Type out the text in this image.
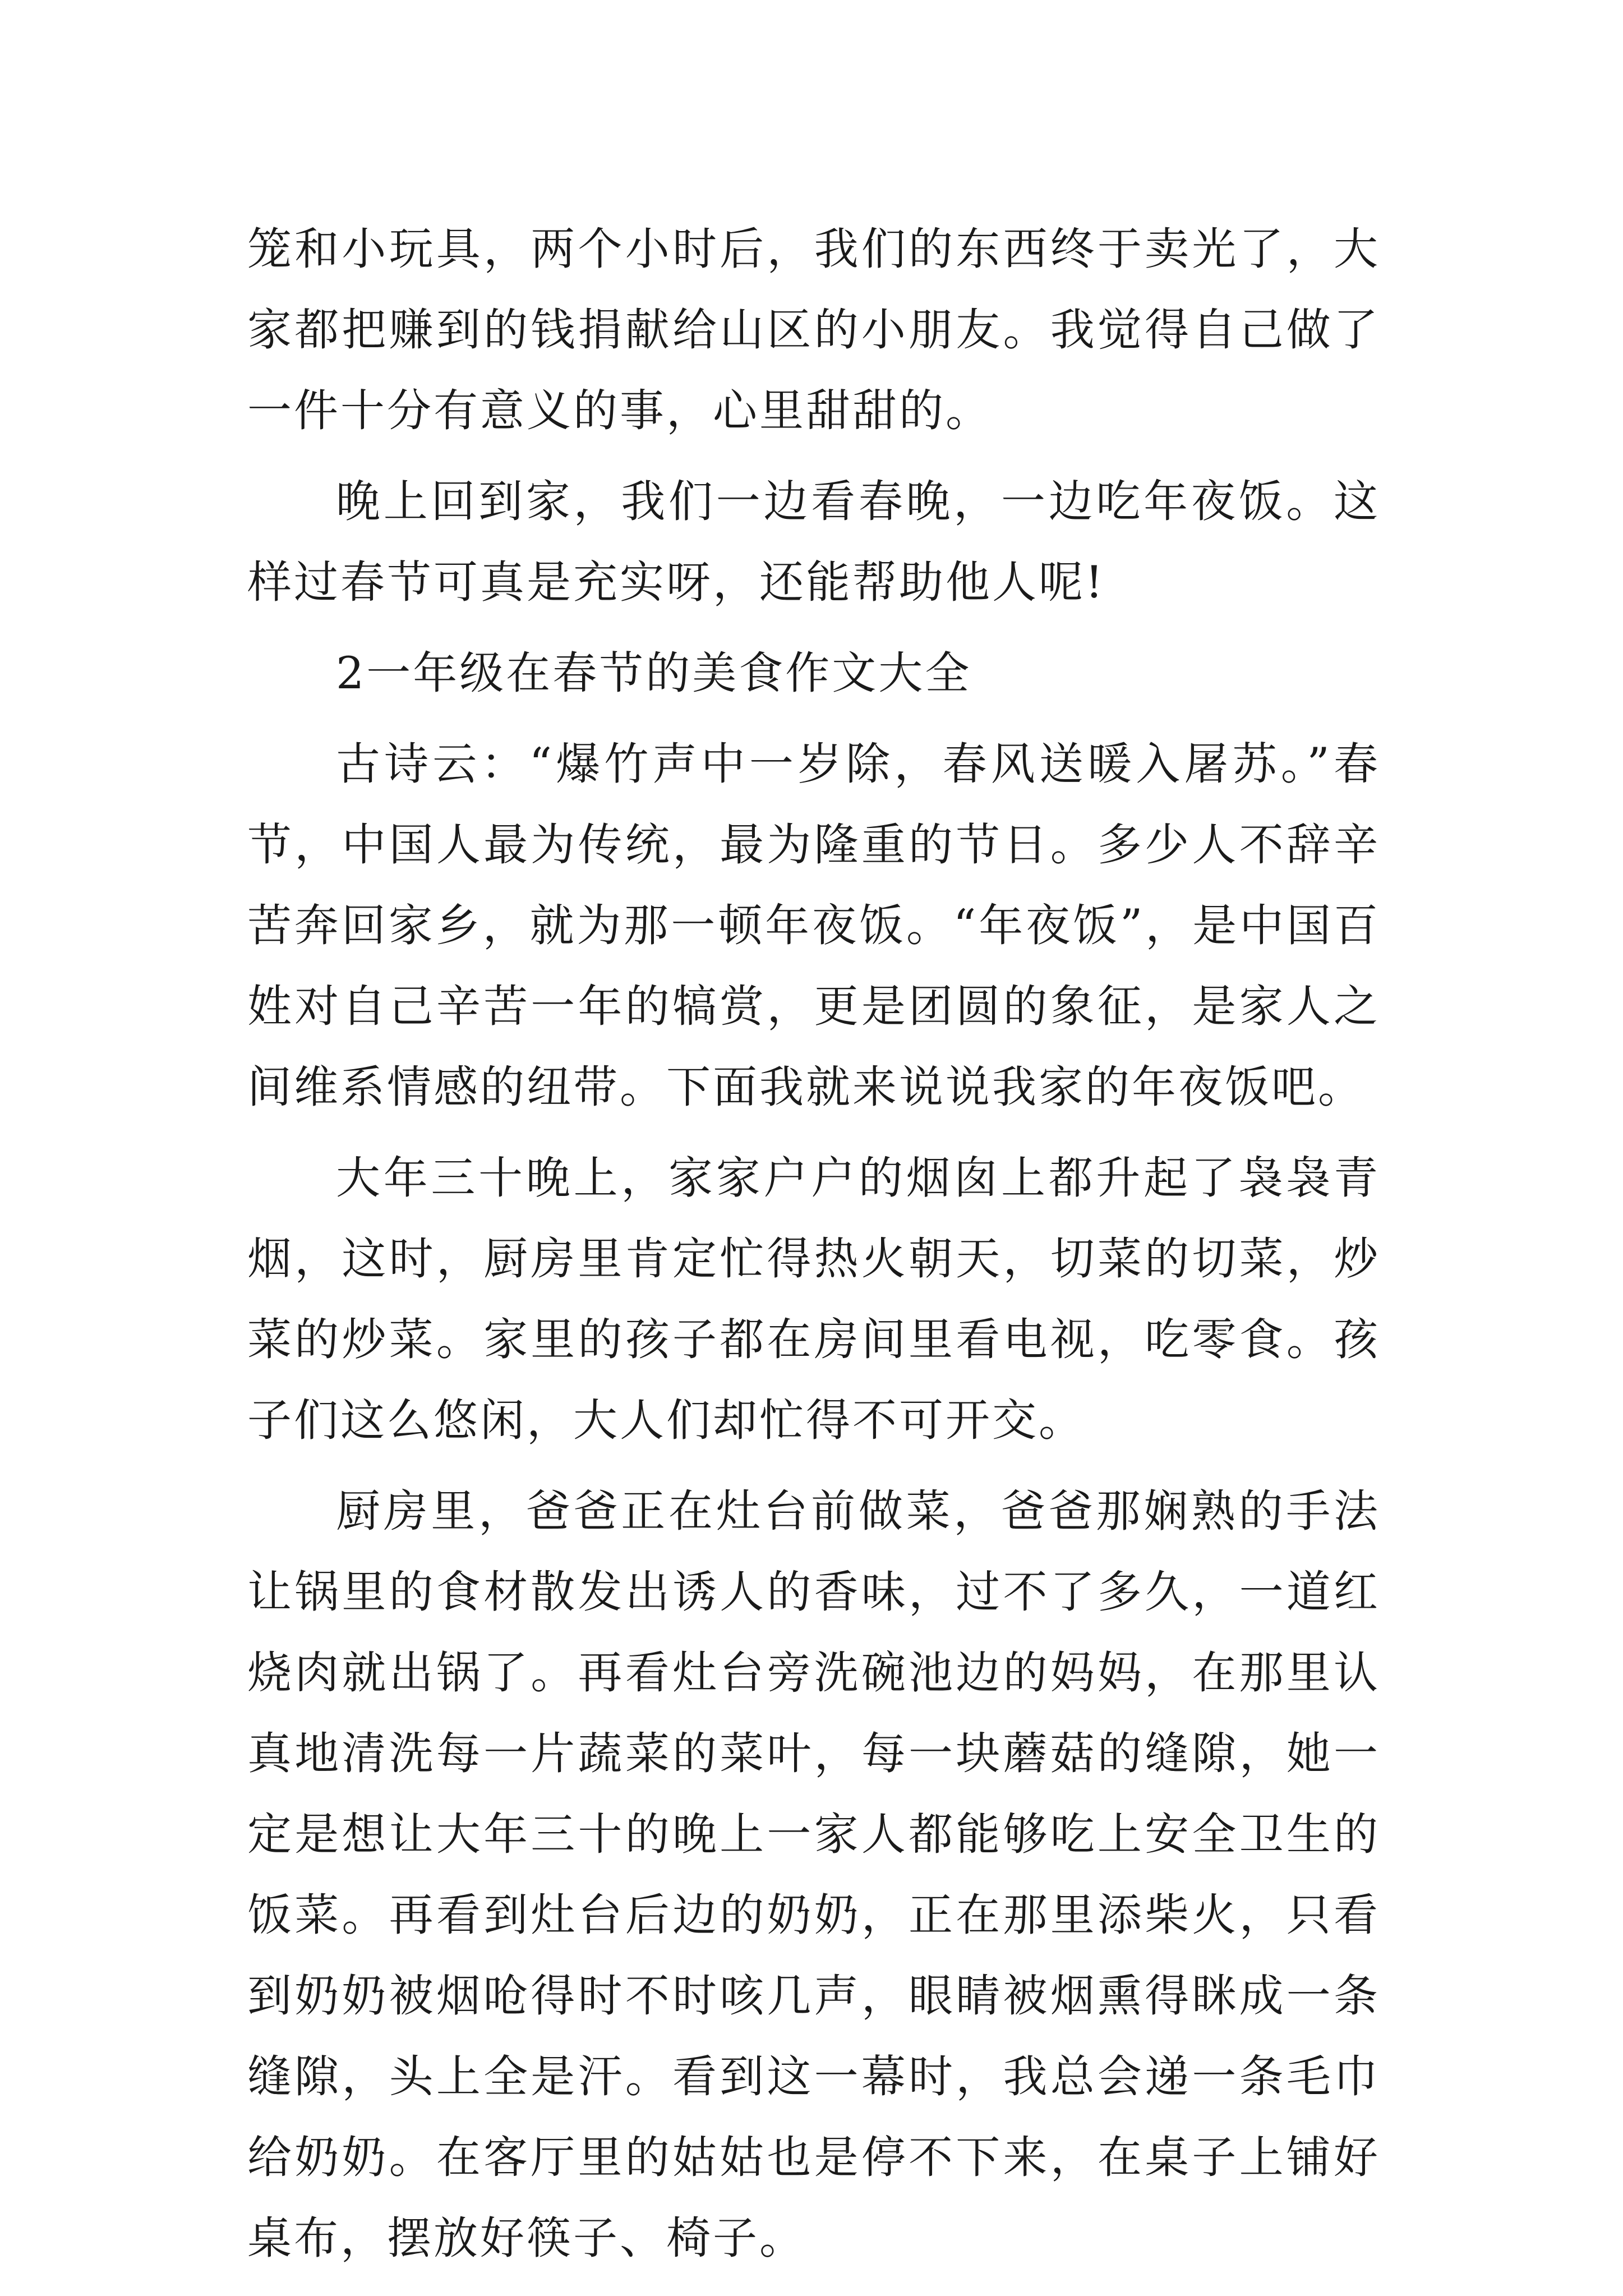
笼和小玩具，两个小时后，我们的东西终于卖光了，大家都把赚到的钱捐献给山区的小朋友。我觉得自己做了一件十分有意义的事，心里甜甜的。

晚上回到家，我们一边看春晚，一边吃年夜饭。这样过春节可真是充实呀，还能帮助他人呢!

2一年级在春节的美食作文大全

古诗云：“爆竹声中一岁除，春风送暖入屠苏。”春节，中国人最为传统，最为隆重的节日。多少人不辞辛苦奔回家乡，就为那一顿年夜饭。“年夜饭”，是中国百姓对自己辛苦一年的犒赏，更是团圆的象征，是家人之间维系情感的纽带。下面我就来说说我家的年夜饭吧。

大年三十晚上，家家户户的烟囱上都升起了袅袅青烟，这时，厨房里肯定忙得热火朝天，切菜的切菜，炒菜的炒菜。家里的孩子都在房间里看电视，吃零食。孩子们这么悠闲，大人们却忙得不可开交。

厨房里，爸爸正在灶台前做菜，爸爸那娴熟的手法让锅里的食材散发出诱人的香味，过不了多久，一道红烧肉就出锅了。再看灶台旁洗碗池边的妈妈，在那里认真地清洗每一片蔬菜的菜叶，每一块蘑菇的缝隙，她一定是想让大年三十的晚上一家人都能够吃上安全卫生的饭菜。再看到灶台后边的奶奶，正在那里添柴火，只看到奶奶被烟呛得时不时咳几声，眼睛被烟熏得眯成一条缝隙，头上全是汗。看到这一幕时，我总会递一条毛巾给奶奶。在客厅里的姑姑也是停不下来，在桌子上铺好桌布，摆放好筷子、椅子。
